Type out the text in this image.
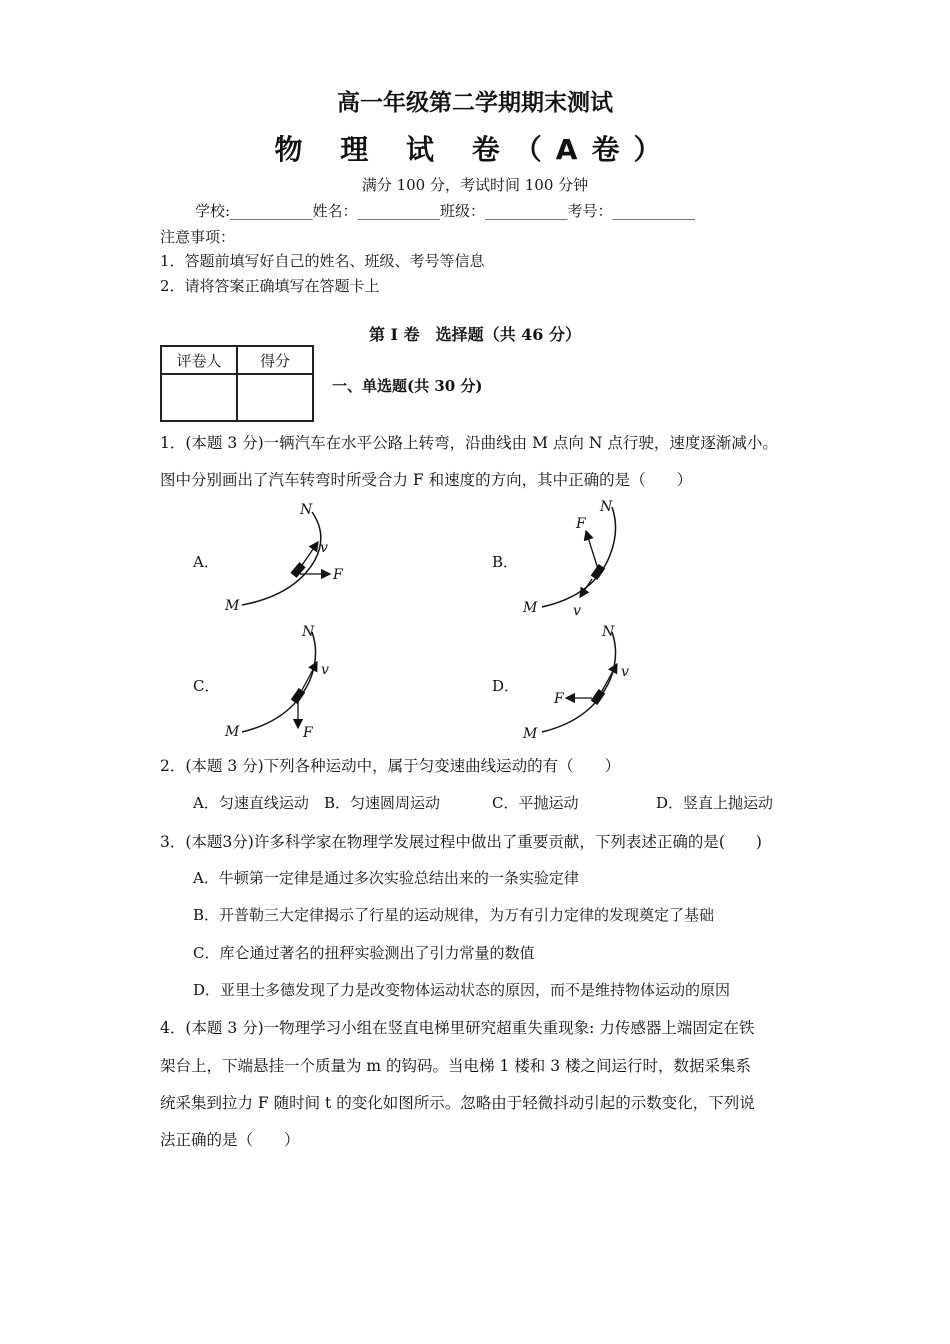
高一年级第二学期期末测试
物 理 试 卷（A卷）
满分 100 分，考试时间 100 分钟
学校:___________姓名：___________班级：___________考号：___________
注意事项：
1．答题前填写好自己的姓名、班级、考号等信息
2．请将答案正确填写在答题卡上
第 I 卷　选择题（共 46 分）
评卷人	得分

一、单选题(共 30 分)
1．(本题 3 分)一辆汽车在水平公路上转弯，沿曲线由 M 点向 N 点行驶，速度逐渐减小。
图中分别画出了汽车转弯时所受合力 F 和速度的方向，其中正确的是（　　）
A．	B．
C．	D．
M
N
F
v
M
N
F
v
M
N
F
v
M
N
F
v
2．(本题 3 分)下列各种运动中，属于匀变速曲线运动的有（　　）
A．匀速直线运动 B．匀速圆周运动	C．平抛运动	D．竖直上抛运动
3．(本题3分)许多科学家在物理学发展过程中做出了重要贡献，下列表述正确的是(　　)
A．牛顿第一定律是通过多次实验总结出来的一条实验定律
B．开普勒三大定律揭示了行星的运动规律，为万有引力定律的发现奠定了基础
C．库仑通过著名的扭秤实验测出了引力常量的数值
D．亚里士多德发现了力是改变物体运动状态的原因，而不是维持物体运动的原因
4．(本题 3 分)一物理学习小组在竖直电梯里研究超重失重现象: 力传感器上端固定在铁
架台上，下端悬挂一个质量为 m 的钩码。当电梯 1 楼和 3 楼之间运行时，数据采集系
统采集到拉力 F 随时间 t 的变化如图所示。忽略由于轻微抖动引起的示数变化，下列说
法正确的是（　　）
